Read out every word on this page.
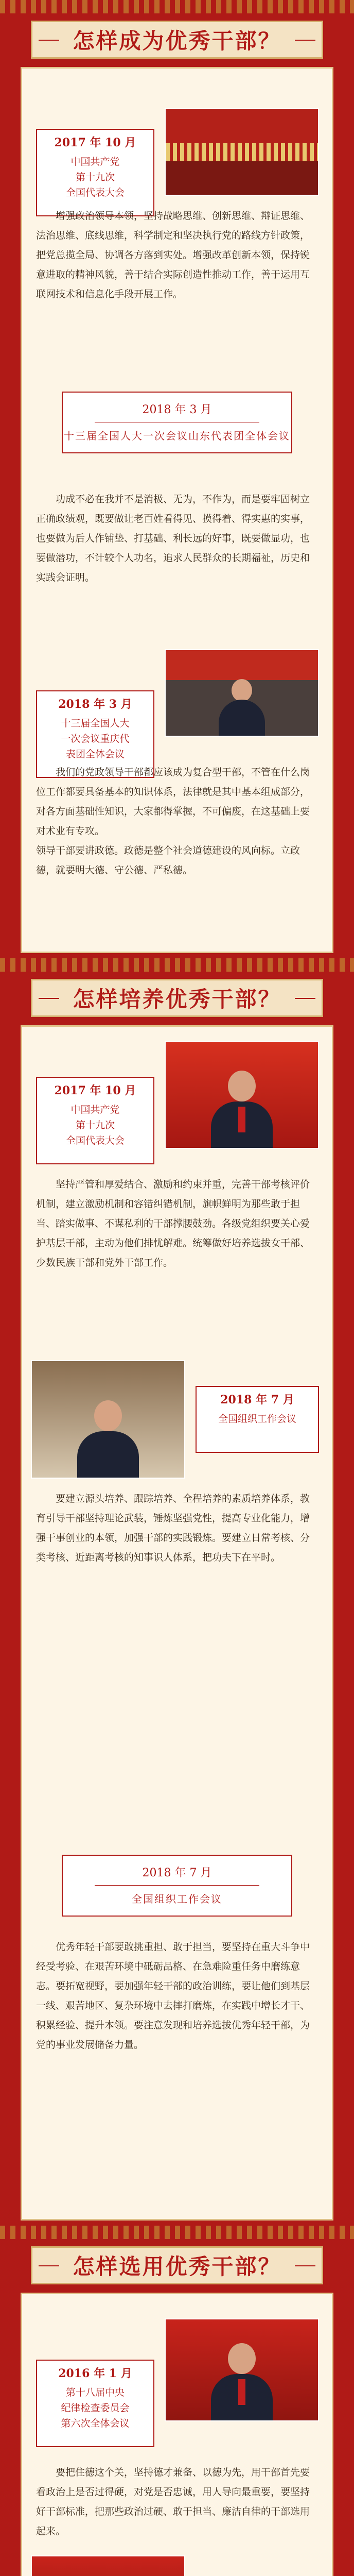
怎样成为优秀干部？
2017 年 10 月
中国共产党
第十九次
全国代表大会
增强政治领导本领，坚持战略思维、创新思维、辩证思维、法治思维、底线思维，科学制定和坚决执行党的路线方针政策，把党总揽全局、协调各方落到实处。增强改革创新本领，保持锐意进取的精神风貌，善于结合实际创造性推动工作，善于运用互联网技术和信息化手段开展工作。
2018 年 3 月
十三届全国人大一次会议山东代表团全体会议
功成不必在我并不是消极、无为，不作为，而是要牢固树立正确政绩观，既要做让老百姓看得见、摸得着、得实惠的实事，也要做为后人作铺垫、打基础、利长远的好事，既要做显功，也要做潜功，不计较个人功名，追求人民群众的长期福祉，历史和实践会证明。
2018 年 3 月
十三届全国人大
一次会议重庆代
表团全体会议
我们的党政领导干部都应该成为复合型干部，不管在什么岗位工作都要具备基本的知识体系，法律就是其中基本组成部分，对各方面基础性知识，大家都得掌握，不可偏废，在这基础上要对术业有专攻。
领导干部要讲政德。政德是整个社会道德建设的风向标。立政德，就要明大德、守公德、严私德。
怎样培养优秀干部？
2017 年 10 月
中国共产党
第十九次
全国代表大会
坚持严管和厚爱结合、激励和约束并重，完善干部考核评价机制，建立激励机制和容错纠错机制，旗帜鲜明为那些敢于担当、踏实做事、不谋私利的干部撑腰鼓劲。各级党组织要关心爱护基层干部，主动为他们排忧解难。统筹做好培养选拔女干部、少数民族干部和党外干部工作。
2018 年 7 月
全国组织工作会议
要建立源头培养、跟踪培养、全程培养的素质培养体系，教育引导干部坚持理论武装，锤炼坚强党性，提高专业化能力，增强干事创业的本领，加强干部的实践锻炼。要建立日常考核、分类考核、近距离考核的知事识人体系，把功夫下在平时。
2018 年 7 月
全国组织工作会议
优秀年轻干部要敢挑重担、敢于担当，要坚持在重大斗争中经受考验、在艰苦环境中砥砺品格、在急难险重任务中磨练意志。要拓宽视野，要加强年轻干部的政治训练，要让他们到基层一线、艰苦地区、复杂环境中去摔打磨炼，在实践中增长才干、积累经验、提升本领。要注意发现和培养选拔优秀年轻干部，为党的事业发展储备力量。
怎样选用优秀干部？
2016 年 1 月
第十八届中央
纪律检查委员会
第六次全体会议
要把住德这个关，坚持德才兼备、以德为先，用干部首先要看政治上是否过得硬，对党是否忠诚，用人导向最重要，要坚持好干部标准，把那些政治过硬、敢于担当、廉洁自律的干部选用起来。
